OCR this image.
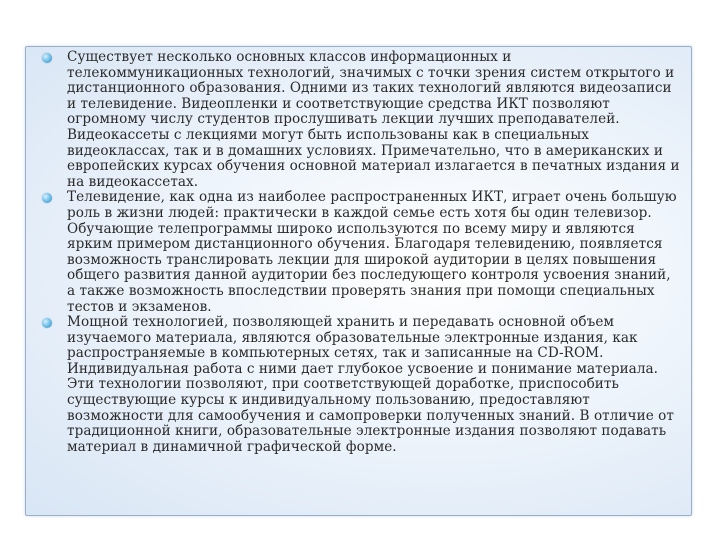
Существует несколько основных классов информационных и телекоммуникационных технологий, значимых с точки зрения систем открытого и дистанционного образования. Одними из таких технологий являются видеозаписи и телевидение. Видеопленки и соответствующие средства ИКТ позволяют огромному числу студентов прослушивать лекции лучших преподавателей. Видеокассеты с лекциями могут быть использованы как в специальных видеоклассах, так и в домашних условиях. Примечательно, что в американских и европейских курсах обучения основной материал излагается в печатных издания и на видеокассетах.
Телевидение, как одна из наиболее распространенных ИКТ, играет очень большую роль в жизни людей: практически в каждой семье есть хотя бы один телевизор. Обучающие телепрограммы широко используются по всему миру и являются ярким примером дистанционного обучения. Благодаря телевидению, появляется возможность транслировать лекции для широкой аудитории в целях повышения общего развития данной аудитории без последующего контроля усвоения знаний, а также возможность впоследствии проверять знания при помощи специальных тестов и экзаменов.
Мощной технологией, позволяющей хранить и передавать основной объем изучаемого материала, являются образовательные электронные издания, как распространяемые в компьютерных сетях, так и записанные на CD-ROM. Индивидуальная работа с ними дает глубокое усвоение и понимание материала. Эти технологии позволяют, при соответствующей доработке, приспособить существующие курсы к индивидуальному пользованию, предоставляют возможности для самообучения и самопроверки полученных знаний. В отличие от традиционной книги, образовательные электронные издания позволяют подавать материал в динамичной графической форме.
